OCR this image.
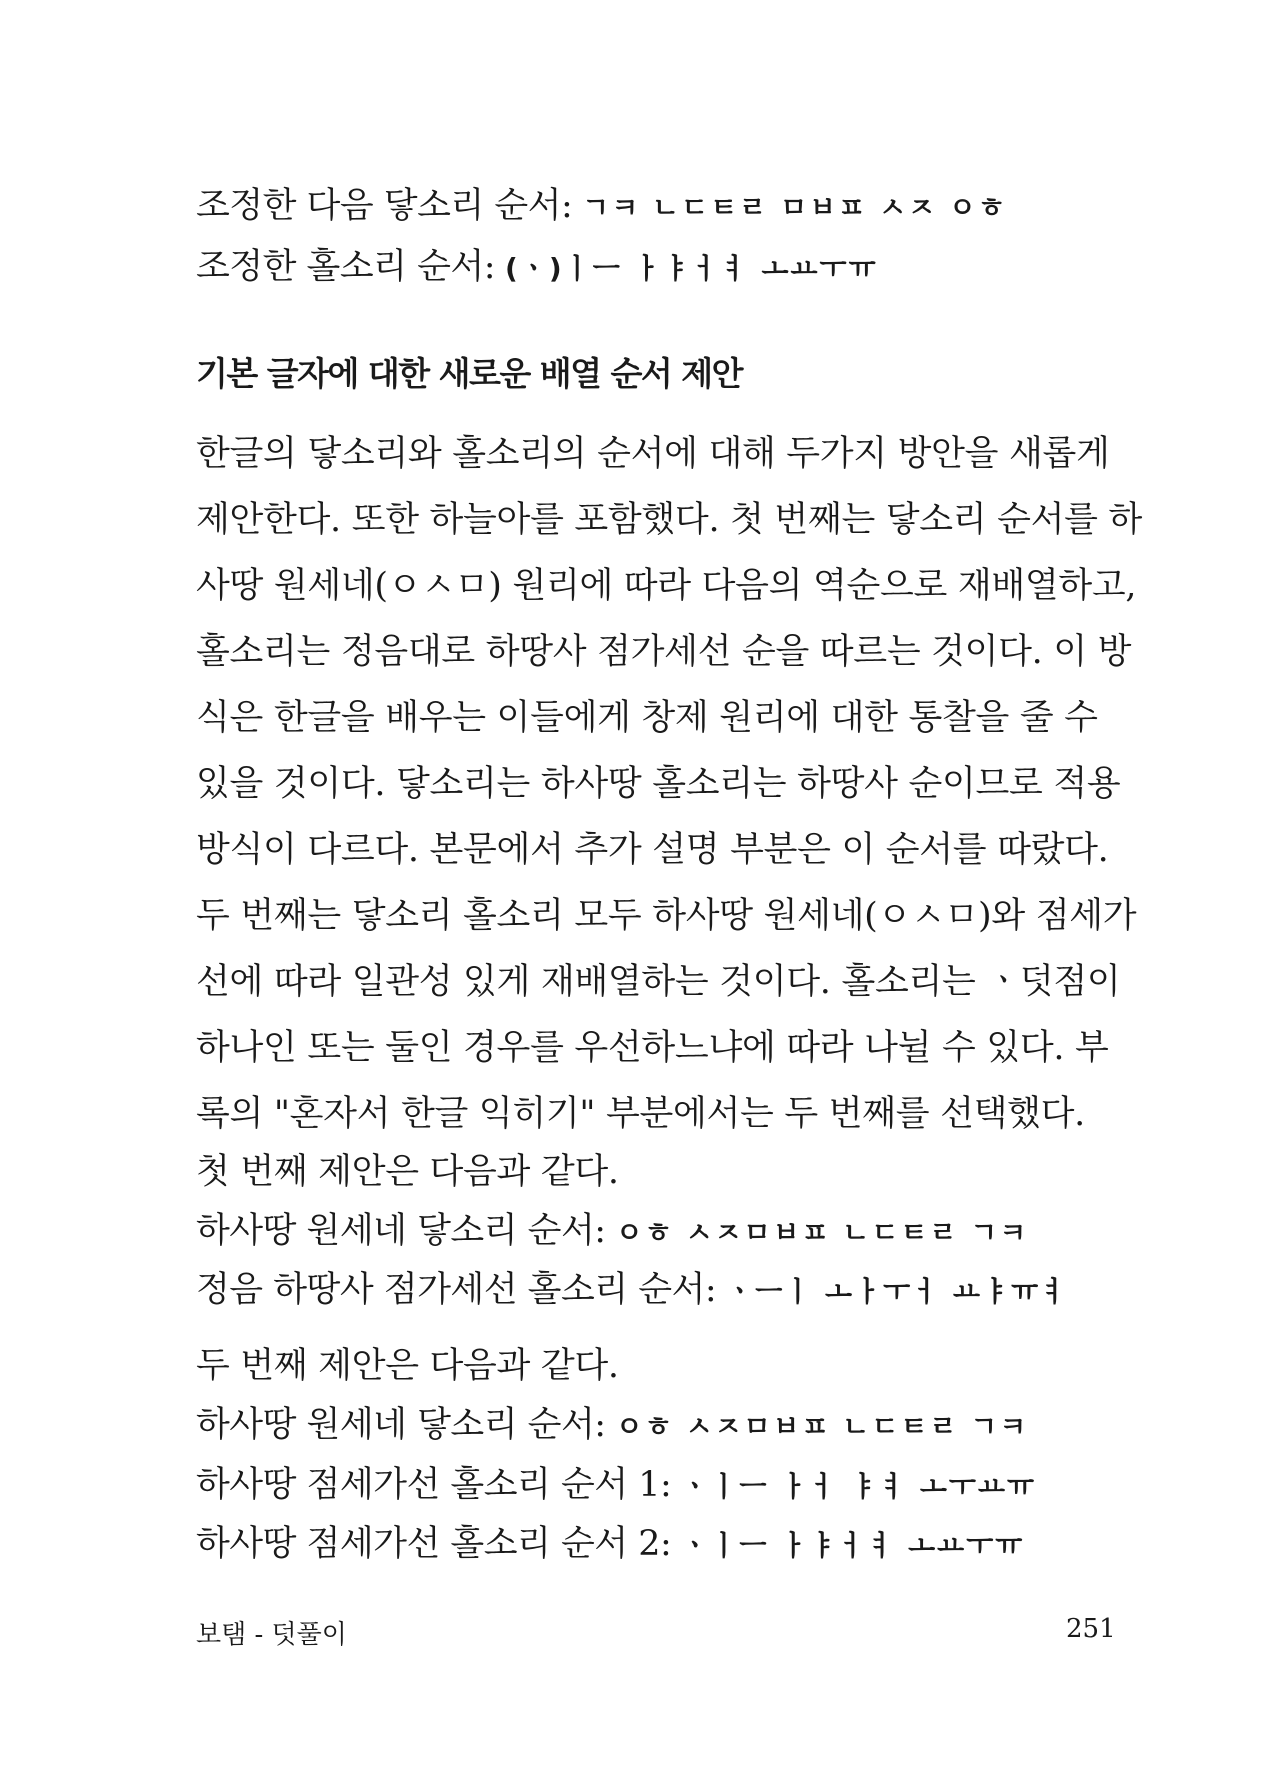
조정한 다음 닿소리 순서: ㄱㅋ ㄴㄷㅌㄹ ㅁㅂㅍ ㅅㅈ ㅇㅎ
조정한 홀소리 순서: (ㆍ)ㅣㅡ ㅏㅑㅓㅕ ㅗㅛㅜㅠ
기본 글자에 대한 새로운 배열 순서 제안
한글의 닿소리와 홀소리의 순서에 대해 두가지 방안을 새롭게
제안한다. 또한 하늘아를 포함했다. 첫 번째는 닿소리 순서를 하
사땅 원세네(ㅇㅅㅁ) 원리에 따라 다음의 역순으로 재배열하고,
홀소리는 정음대로 하땅사 점가세선 순을 따르는 것이다. 이 방
식은 한글을 배우는 이들에게 창제 원리에 대한 통찰을 줄 수
있을 것이다. 닿소리는 하사땅 홀소리는 하땅사 순이므로 적용
방식이 다르다. 본문에서 추가 설명 부분은 이 순서를 따랐다.
두 번째는 닿소리 홀소리 모두 하사땅 원세네(ㅇㅅㅁ)와 점세가
선에 따라 일관성 있게 재배열하는 것이다. 홀소리는 ㆍ덧점이
하나인 또는 둘인 경우를 우선하느냐에 따라 나뉠 수 있다. 부
록의 "혼자서 한글 익히기" 부분에서는 두 번째를 선택했다.
첫 번째 제안은 다음과 같다.
하사땅 원세네 닿소리 순서: ㅇㅎ ㅅㅈㅁㅂㅍ ㄴㄷㅌㄹ ㄱㅋ
정음 하땅사 점가세선 홀소리 순서: ㆍㅡㅣ ㅗㅏㅜㅓ ㅛㅑㅠㅕ
두 번째 제안은 다음과 같다.
하사땅 원세네 닿소리 순서: ㅇㅎ ㅅㅈㅁㅂㅍ ㄴㄷㅌㄹ ㄱㅋ
하사땅 점세가선 홀소리 순서 1: ㆍㅣㅡ ㅏㅓ ㅑㅕ ㅗㅜㅛㅠ
하사땅 점세가선 홀소리 순서 2: ㆍㅣㅡ ㅏㅑㅓㅕ ㅗㅛㅜㅠ
보탬 - 덧풀이	251
